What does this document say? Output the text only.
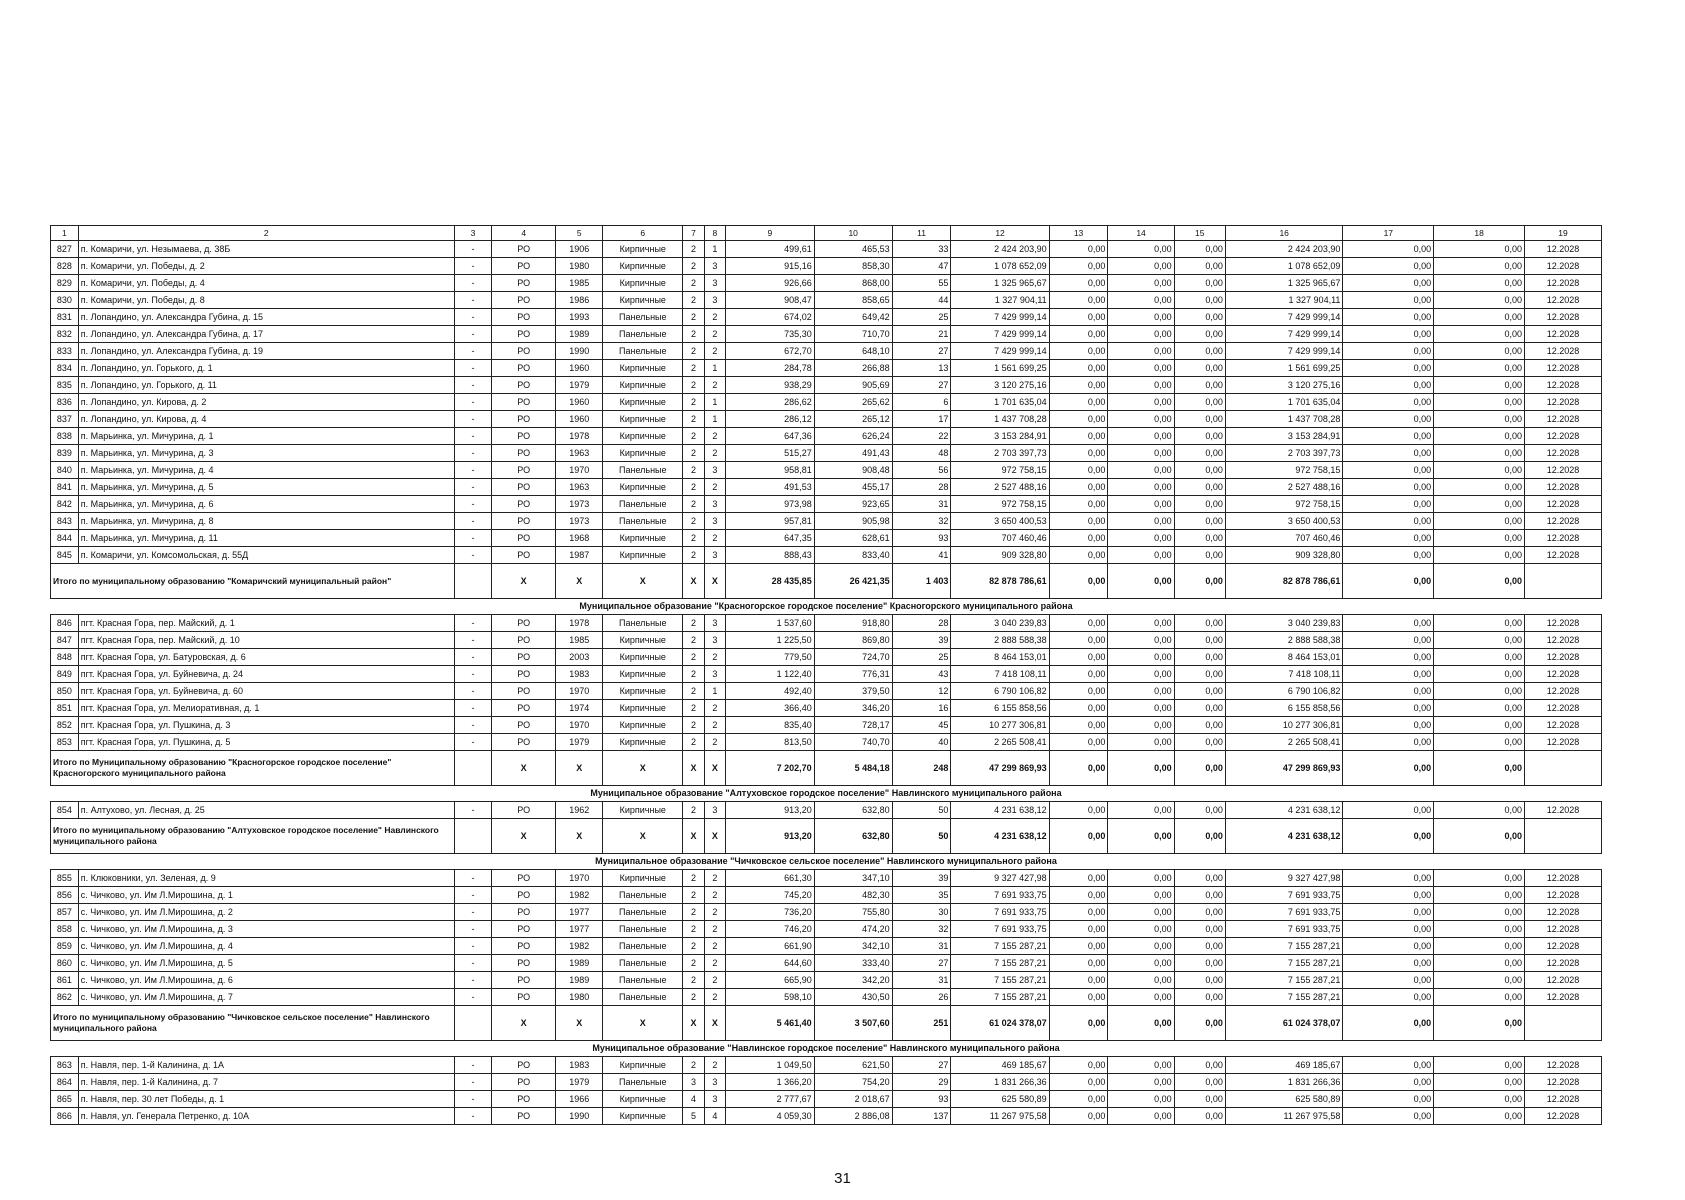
1	2	3	4	5	6	7	8	9	10	11	12	13	14	15	16	17	18	19
827	п. Комаричи, ул. Незымаева, д. 38Б	-	РО	1906	Кирпичные	2	1	499,61	465,53	33	2 424 203,90	0,00	0,00	0,00	2 424 203,90	0,00	0,00	12.2028
828	п. Комаричи, ул. Победы, д. 2	-	РО	1980	Кирпичные	2	3	915,16	858,30	47	1 078 652,09	0,00	0,00	0,00	1 078 652,09	0,00	0,00	12.2028
829	п. Комаричи, ул. Победы, д. 4	-	РО	1985	Кирпичные	2	3	926,66	868,00	55	1 325 965,67	0,00	0,00	0,00	1 325 965,67	0,00	0,00	12.2028
830	п. Комаричи, ул. Победы, д. 8	-	РО	1986	Кирпичные	2	3	908,47	858,65	44	1 327 904,11	0,00	0,00	0,00	1 327 904,11	0,00	0,00	12.2028
831	п. Лопандино, ул. Александра Губина, д. 15	-	РО	1993	Панельные	2	2	674,02	649,42	25	7 429 999,14	0,00	0,00	0,00	7 429 999,14	0,00	0,00	12.2028
832	п. Лопандино, ул. Александра Губина, д. 17	-	РО	1989	Панельные	2	2	735,30	710,70	21	7 429 999,14	0,00	0,00	0,00	7 429 999,14	0,00	0,00	12.2028
833	п. Лопандино, ул. Александра Губина, д. 19	-	РО	1990	Панельные	2	2	672,70	648,10	27	7 429 999,14	0,00	0,00	0,00	7 429 999,14	0,00	0,00	12.2028
834	п. Лопандино, ул. Горького, д. 1	-	РО	1960	Кирпичные	2	1	284,78	266,88	13	1 561 699,25	0,00	0,00	0,00	1 561 699,25	0,00	0,00	12.2028
835	п. Лопандино, ул. Горького, д. 11	-	РО	1979	Кирпичные	2	2	938,29	905,69	27	3 120 275,16	0,00	0,00	0,00	3 120 275,16	0,00	0,00	12.2028
836	п. Лопандино, ул. Кирова, д. 2	-	РО	1960	Кирпичные	2	1	286,62	265,62	6	1 701 635,04	0,00	0,00	0,00	1 701 635,04	0,00	0,00	12.2028
837	п. Лопандино, ул. Кирова, д. 4	-	РО	1960	Кирпичные	2	1	286,12	265,12	17	1 437 708,28	0,00	0,00	0,00	1 437 708,28	0,00	0,00	12.2028
838	п. Марьинка, ул. Мичурина, д. 1	-	РО	1978	Кирпичные	2	2	647,36	626,24	22	3 153 284,91	0,00	0,00	0,00	3 153 284,91	0,00	0,00	12.2028
839	п. Марьинка, ул. Мичурина, д. 3	-	РО	1963	Кирпичные	2	2	515,27	491,43	48	2 703 397,73	0,00	0,00	0,00	2 703 397,73	0,00	0,00	12.2028
840	п. Марьинка, ул. Мичурина, д. 4	-	РО	1970	Панельные	2	3	958,81	908,48	56	972 758,15	0,00	0,00	0,00	972 758,15	0,00	0,00	12.2028
841	п. Марьинка, ул. Мичурина, д. 5	-	РО	1963	Кирпичные	2	2	491,53	455,17	28	2 527 488,16	0,00	0,00	0,00	2 527 488,16	0,00	0,00	12.2028
842	п. Марьинка, ул. Мичурина, д. 6	-	РО	1973	Панельные	2	3	973,98	923,65	31	972 758,15	0,00	0,00	0,00	972 758,15	0,00	0,00	12.2028
843	п. Марьинка, ул. Мичурина, д. 8	-	РО	1973	Панельные	2	3	957,81	905,98	32	3 650 400,53	0,00	0,00	0,00	3 650 400,53	0,00	0,00	12.2028
844	п. Марьинка, ул. Мичурина, д. 11	-	РО	1968	Кирпичные	2	2	647,35	628,61	93	707 460,46	0,00	0,00	0,00	707 460,46	0,00	0,00	12.2028
845	п. Комаричи, ул. Комсомольская, д. 55Д	-	РО	1987	Кирпичные	2	3	888,43	833,40	41	909 328,80	0,00	0,00	0,00	909 328,80	0,00	0,00	12.2028
Итого по муниципальному образованию "Комаричский муниципальный район"			Х	Х	Х	Х	Х	28 435,85	26 421,35	1 403	82 878 786,61	0,00	0,00	0,00	82 878 786,61	0,00	0,00	
Муниципальное образование "Красногорское городское поселение" Красногорского муниципального района																		
846	пгт. Красная Гора, пер. Майский, д. 1	-	РО	1978	Панельные	2	3	1 537,60	918,80	28	3 040 239,83	0,00	0,00	0,00	3 040 239,83	0,00	0,00	12.2028
847	пгт. Красная Гора, пер. Майский, д. 10	-	РО	1985	Кирпичные	2	3	1 225,50	869,80	39	2 888 588,38	0,00	0,00	0,00	2 888 588,38	0,00	0,00	12.2028
848	пгт. Красная Гора, ул. Батуровская, д. 6	-	РО	2003	Кирпичные	2	2	779,50	724,70	25	8 464 153,01	0,00	0,00	0,00	8 464 153,01	0,00	0,00	12.2028
849	пгт. Красная Гора, ул. Буйневича, д. 24	-	РО	1983	Кирпичные	2	3	1 122,40	776,31	43	7 418 108,11	0,00	0,00	0,00	7 418 108,11	0,00	0,00	12.2028
850	пгт. Красная Гора, ул. Буйневича, д. 60	-	РО	1970	Кирпичные	2	1	492,40	379,50	12	6 790 106,82	0,00	0,00	0,00	6 790 106,82	0,00	0,00	12.2028
851	пгт. Красная Гора, ул. Мелиоративная, д. 1	-	РО	1974	Кирпичные	2	2	366,40	346,20	16	6 155 858,56	0,00	0,00	0,00	6 155 858,56	0,00	0,00	12.2028
852	пгт. Красная Гора, ул. Пушкина, д. 3	-	РО	1970	Кирпичные	2	2	835,40	728,17	45	10 277 306,81	0,00	0,00	0,00	10 277 306,81	0,00	0,00	12.2028
853	пгт. Красная Гора, ул. Пушкина, д. 5	-	РО	1979	Кирпичные	2	2	813,50	740,70	40	2 265 508,41	0,00	0,00	0,00	2 265 508,41	0,00	0,00	12.2028
Итого по Муниципальному образованию "Красногорское городское поселение" Красногорского муниципального района			Х	Х	Х	Х	Х	7 202,70	5 484,18	248	47 299 869,93	0,00	0,00	0,00	47 299 869,93	0,00	0,00	
Муниципальное образование "Алтуховское городское поселение" Навлинского муниципального района																		
854	п. Алтухово, ул. Лесная, д. 25	-	РО	1962	Кирпичные	2	3	913,20	632,80	50	4 231 638,12	0,00	0,00	0,00	4 231 638,12	0,00	0,00	12.2028
Итого по муниципальному образованию "Алтуховское городское поселение" Навлинского муниципального района			Х	Х	Х	Х	Х	913,20	632,80	50	4 231 638,12	0,00	0,00	0,00	4 231 638,12	0,00	0,00	
Муниципальное образование "Чичковское сельское поселение" Навлинского муниципального района																		
855	п. Клюковники, ул. Зеленая, д. 9	-	РО	1970	Кирпичные	2	2	661,30	347,10	39	9 327 427,98	0,00	0,00	0,00	9 327 427,98	0,00	0,00	12.2028
856	с. Чичково, ул. Им Л.Мирошина, д. 1	-	РО	1982	Панельные	2	2	745,20	482,30	35	7 691 933,75	0,00	0,00	0,00	7 691 933,75	0,00	0,00	12.2028
857	с. Чичково, ул. Им Л.Мирошина, д. 2	-	РО	1977	Панельные	2	2	736,20	755,80	30	7 691 933,75	0,00	0,00	0,00	7 691 933,75	0,00	0,00	12.2028
858	с. Чичково, ул. Им Л.Мирошина, д. 3	-	РО	1977	Панельные	2	2	746,20	474,20	32	7 691 933,75	0,00	0,00	0,00	7 691 933,75	0,00	0,00	12.2028
859	с. Чичково, ул. Им Л.Мирошина, д. 4	-	РО	1982	Панельные	2	2	661,90	342,10	31	7 155 287,21	0,00	0,00	0,00	7 155 287,21	0,00	0,00	12.2028
860	с. Чичково, ул. Им Л.Мирошина, д. 5	-	РО	1989	Панельные	2	2	644,60	333,40	27	7 155 287,21	0,00	0,00	0,00	7 155 287,21	0,00	0,00	12.2028
861	с. Чичково, ул. Им Л.Мирошина, д. 6	-	РО	1989	Панельные	2	2	665,90	342,20	31	7 155 287,21	0,00	0,00	0,00	7 155 287,21	0,00	0,00	12.2028
862	с. Чичково, ул. Им Л.Мирошина, д. 7	-	РО	1980	Панельные	2	2	598,10	430,50	26	7 155 287,21	0,00	0,00	0,00	7 155 287,21	0,00	0,00	12.2028
Итого по муниципальному образованию "Чичковское сельское поселение" Навлинского муниципального района			Х	Х	Х	Х	Х	5 461,40	3 507,60	251	61 024 378,07	0,00	0,00	0,00	61 024 378,07	0,00	0,00	
Муниципальное образование "Навлинское городское поселение" Навлинского муниципального района																		
863	п. Навля, пер. 1-й Калинина, д. 1А	-	РО	1983	Кирпичные	2	2	1 049,50	621,50	27	469 185,67	0,00	0,00	0,00	469 185,67	0,00	0,00	12.2028
864	п. Навля, пер. 1-й Калинина, д. 7	-	РО	1979	Панельные	3	3	1 366,20	754,20	29	1 831 266,36	0,00	0,00	0,00	1 831 266,36	0,00	0,00	12.2028
865	п. Навля, пер. 30 лет Победы, д. 1	-	РО	1966	Кирпичные	4	3	2 777,67	2 018,67	93	625 580,89	0,00	0,00	0,00	625 580,89	0,00	0,00	12.2028
866	п. Навля, ул. Генерала Петренко, д. 10А	-	РО	1990	Кирпичные	5	4	4 059,30	2 886,08	137	11 267 975,58	0,00	0,00	0,00	11 267 975,58	0,00	0,00	12.2028
31
